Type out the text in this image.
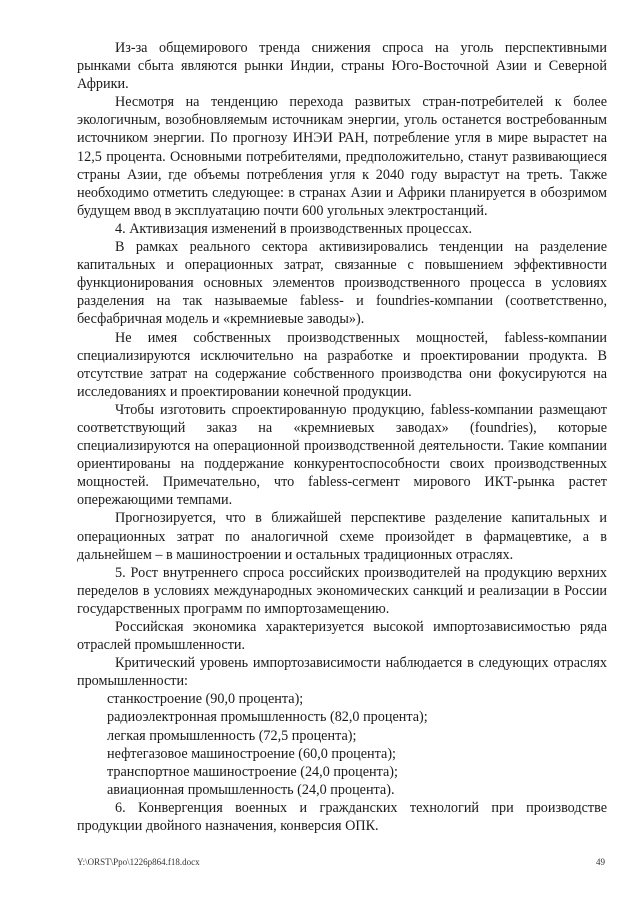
Из-за общемирового тренда снижения спроса на уголь перспективными рынками сбыта являются рынки Индии, страны Юго-Восточной Азии и Северной Африки.

Несмотря на тенденцию перехода развитых стран-потребителей к более экологичным, возобновляемым источникам энергии, уголь останется востребованным источником энергии. По прогнозу ИНЭИ РАН, потребление угля в мире вырастет на 12,5 процента. Основными потребителями, предположительно, станут развивающиеся страны Азии, где объемы потребления угля к 2040 году вырастут на треть. Также необходимо отметить следующее: в странах Азии и Африки планируется в обозримом будущем ввод в эксплуатацию почти 600 угольных электростанций.

4. Активизация изменений в производственных процессах.

В рамках реального сектора активизировались тенденции на разделение капитальных и операционных затрат, связанные с повышением эффективности функционирования основных элементов производственного процесса в условиях разделения на так называемые fabless- и foundries-компании (соответственно, бесфабричная модель и «кремниевые заводы»).

Не имея собственных производственных мощностей, fabless-компании специализируются исключительно на разработке и проектировании продукта. В отсутствие затрат на содержание собственного производства они фокусируются на исследованиях и проектировании конечной продукции.

Чтобы изготовить спроектированную продукцию, fabless-компании размещают соответствующий заказ на «кремниевых заводах» (foundries), которые специализируются на операционной производственной деятельности. Такие компании ориентированы на поддержание конкурентоспособности своих производственных мощностей. Примечательно, что fabless-сегмент мирового ИКТ-рынка растет опережающими темпами.

Прогнозируется, что в ближайшей перспективе разделение капитальных и операционных затрат по аналогичной схеме произойдет в фармацевтике, а в дальнейшем – в машиностроении и остальных традиционных отраслях.

5. Рост внутреннего спроса российских производителей на продукцию верхних переделов в условиях международных экономических санкций и реализации в России государственных программ по импортозамещению.

Российская экономика характеризуется высокой импортозависимостью ряда отраслей промышленности.

Критический уровень импортозависимости наблюдается в следующих отраслях промышленности:

станкостроение (90,0 процента);

радиоэлектронная промышленность (82,0 процента);

легкая промышленность (72,5 процента);

нефтегазовое машиностроение (60,0 процента);

транспортное машиностроение (24,0 процента);

авиационная промышленность (24,0 процента).

6. Конвергенция военных и гражданских технологий при производстве продукции двойного назначения, конверсия ОПК.

Y:\ORST\Ppo\1226p864.f18.docx	49
